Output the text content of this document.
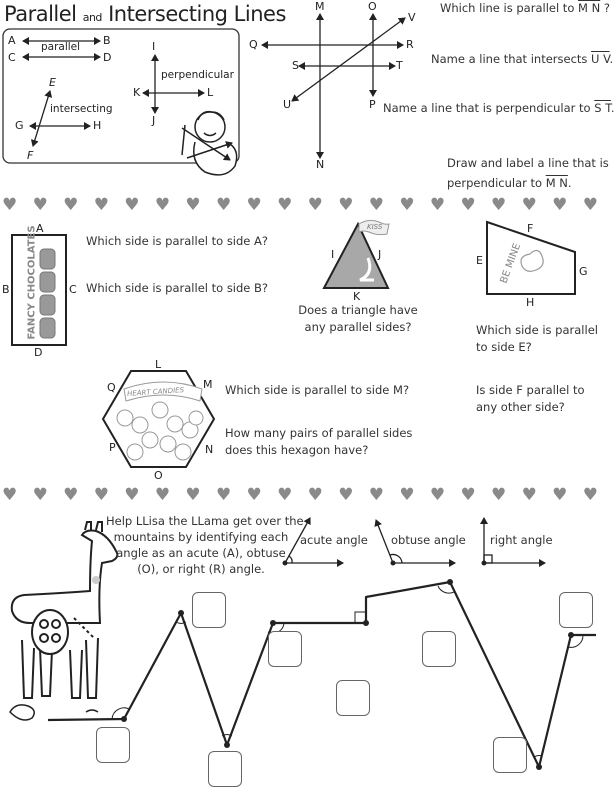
Parallel and Intersecting Lines
A	B
C	D
parallel
E
F
G	H
intersecting
I
J
K	L
perpendicular
M
N
O
P
Q	R
S	T
U
V
Which line is parallel to M N ?
Name a line that intersects U V.
Name a line that is perpendicular to S T.
Draw and label a line that is
perpendicular to M N.
♥ ♥ ♥ ♥ ♥ ♥ ♥ ♥ ♥ ♥ ♥ ♥ ♥ ♥ ♥ ♥ ♥ ♥ ♥ ♥
A
B	C
D
FANCY CHOCOLATES	Which side is parallel to side A?
Which side is parallel to side B?
KISS
I	J
K
Does a triangle have
any parallel sides?
F
E
G
H
BE MINE
Which side is parallel
to side E?
Is side F parallel to
any other side?
L
M
N
O
P
Q HEART CANDIES	Which side is parallel to side M?
How many pairs of parallel sides
does this hexagon have?
♥ ♥ ♥ ♥ ♥ ♥ ♥ ♥ ♥ ♥ ♥ ♥ ♥ ♥ ♥ ♥ ♥ ♥ ♥ ♥
Help LLisa the LLama get over the
mountains by identifying each
angle as an acute (A), obtuse
(O), or right (R) angle.
acute angle obtuse angle right angle
